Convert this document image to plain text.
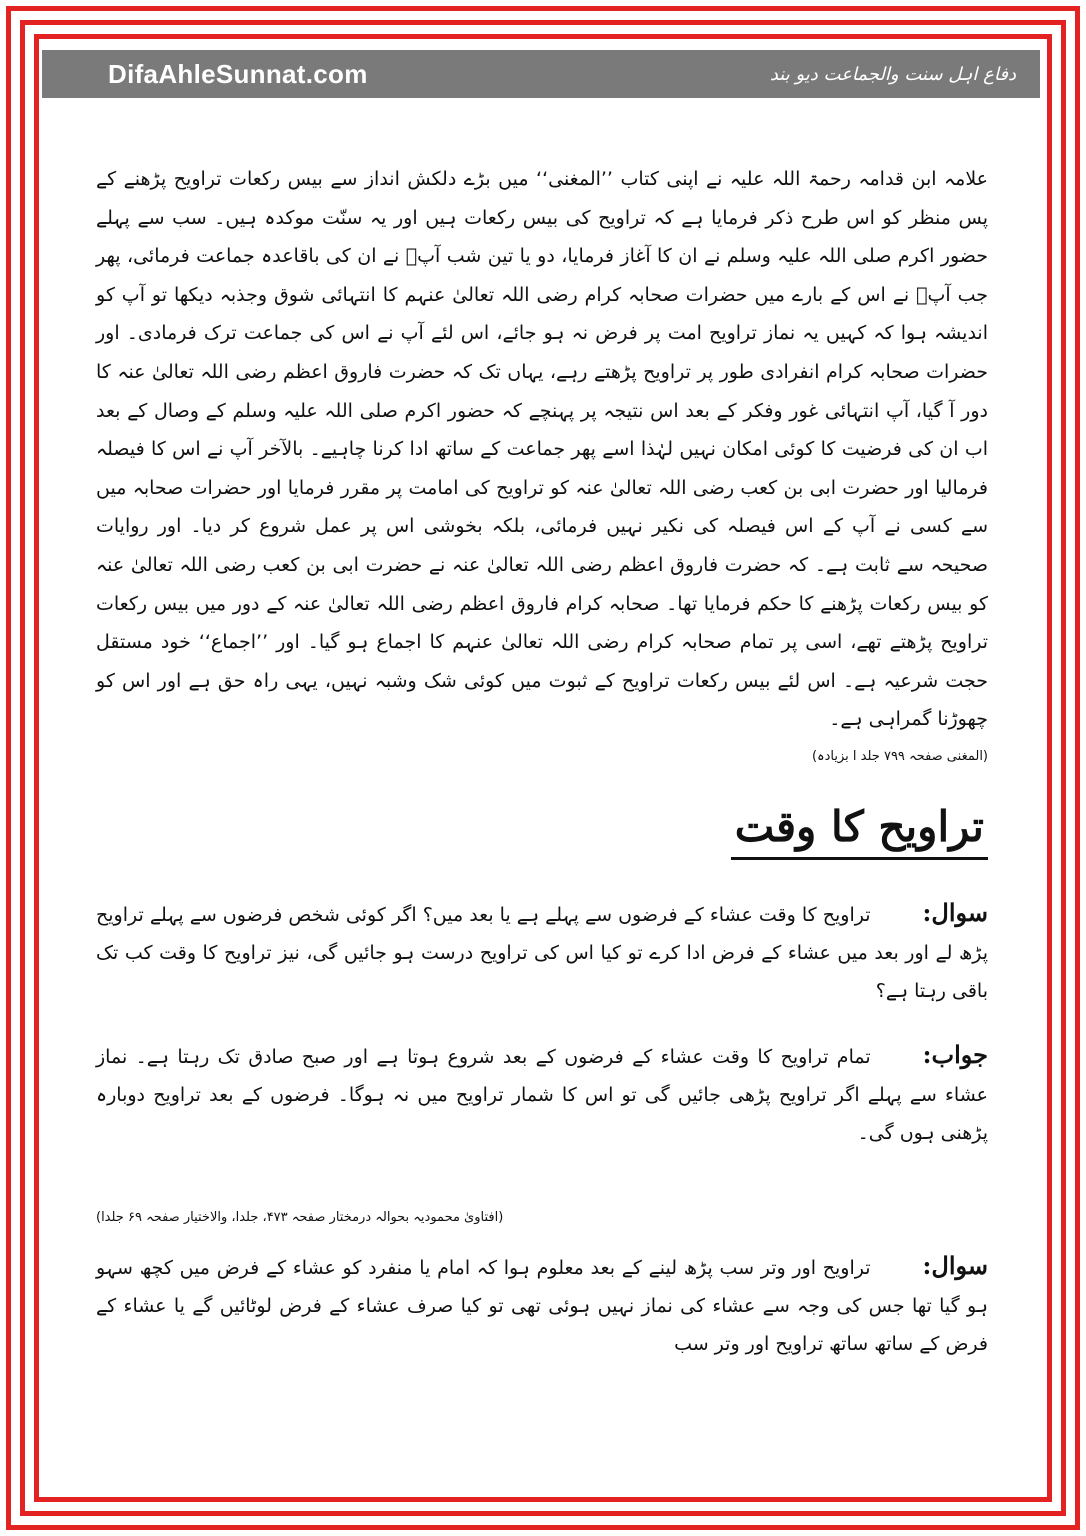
DifaAhleSunnat.com	دفاع اہل سنت والجماعت دیو بند

علامہ ابن قدامہ رحمۃ اللہ علیہ نے اپنی کتاب ’’المغنی‘‘ میں بڑے دلکش انداز سے بیس رکعات تراویح پڑھنے کے پس منظر کو اس طرح ذکر فرمایا ہے کہ تراویح کی بیس رکعات ہیں اور یہ سنّت موکدہ ہیں۔ سب سے پہلے حضور اکرم صلی اللہ علیہ وسلم نے ان کا آغاز فرمایا، دو یا تین شب آپؐ نے ان کی باقاعدہ جماعت فرمائی، پھر جب آپؐ نے اس کے بارے میں حضرات صحابہ کرام رضی اللہ تعالیٰ عنہم کا انتہائی شوق وجذبہ دیکھا تو آپ کو اندیشہ ہوا کہ کہیں یہ نماز تراویح امت پر فرض نہ ہو جائے، اس لئے آپ نے اس کی جماعت ترک فرمادی۔ اور حضرات صحابہ کرام انفرادی طور پر تراویح پڑھتے رہے، یہاں تک کہ حضرت فاروق اعظم رضی اللہ تعالیٰ عنہ کا دور آ گیا، آپ انتہائی غور وفکر کے بعد اس نتیجہ پر پہنچے کہ حضور اکرم صلی اللہ علیہ وسلم کے وصال کے بعد اب ان کی فرضیت کا کوئی امکان نہیں لہٰذا اسے پھر جماعت کے ساتھ ادا کرنا چاہیے۔ بالآخر آپ نے اس کا فیصلہ فرمالیا اور حضرت ابی بن کعب رضی اللہ تعالیٰ عنہ کو تراویح کی امامت پر مقرر فرمایا اور حضرات صحابہ میں سے کسی نے آپ کے اس فیصلہ کی نکیر نہیں فرمائی، بلکہ بخوشی اس پر عمل شروع کر دیا۔ اور روایات صحیحہ سے ثابت ہے۔ کہ حضرت فاروق اعظم رضی اللہ تعالیٰ عنہ نے حضرت ابی بن کعب رضی اللہ تعالیٰ عنہ کو بیس رکعات پڑھنے کا حکم فرمایا تھا۔ صحابہ کرام فاروق اعظم رضی اللہ تعالیٰ عنہ کے دور میں بیس رکعات تراویح پڑھتے تھے، اسی پر تمام صحابہ کرام رضی اللہ تعالیٰ عنہم کا اجماع ہو گیا۔ اور ’’اجماع‘‘ خود مستقل حجت شرعیہ ہے۔ اس لئے بیس رکعات تراویح کے ثبوت میں کوئی شک وشبہ نہیں، یہی راہ حق ہے اور اس کو چھوڑنا گمراہی ہے۔

(المغنی صفحہ ۷۹۹ جلد ا بزیادہ)

تراویح کا وقت

سوال:تراویح کا وقت عشاء کے فرضوں سے پہلے ہے یا بعد میں؟ اگر کوئی شخص فرضوں سے پہلے تراویح پڑھ لے اور بعد میں عشاء کے فرض ادا کرے تو کیا اس کی تراویح درست ہو جائیں گی، نیز تراویح کا وقت کب تک باقی رہتا ہے؟

جواب:تمام تراویح کا وقت عشاء کے فرضوں کے بعد شروع ہوتا ہے اور صبح صادق تک رہتا ہے۔ نماز عشاء سے پہلے اگر تراویح پڑھی جائیں گی تو اس کا شمار تراویح میں نہ ہوگا۔ فرضوں کے بعد تراویح دوبارہ پڑھنی ہوں گی۔

(افتاویٰ محمودیہ بحوالہ درمختار صفحہ ۴۷۳، جلدا، والاختیار صفحہ ۶۹ جلدا)

سوال:تراویح اور وتر سب پڑھ لینے کے بعد معلوم ہوا کہ امام یا منفرد کو عشاء کے فرض میں کچھ سہو ہو گیا تھا جس کی وجہ سے عشاء کی نماز نہیں ہوئی تھی تو کیا صرف عشاء کے فرض لوٹائیں گے یا عشاء کے فرض کے ساتھ ساتھ تراویح اور وتر سب
